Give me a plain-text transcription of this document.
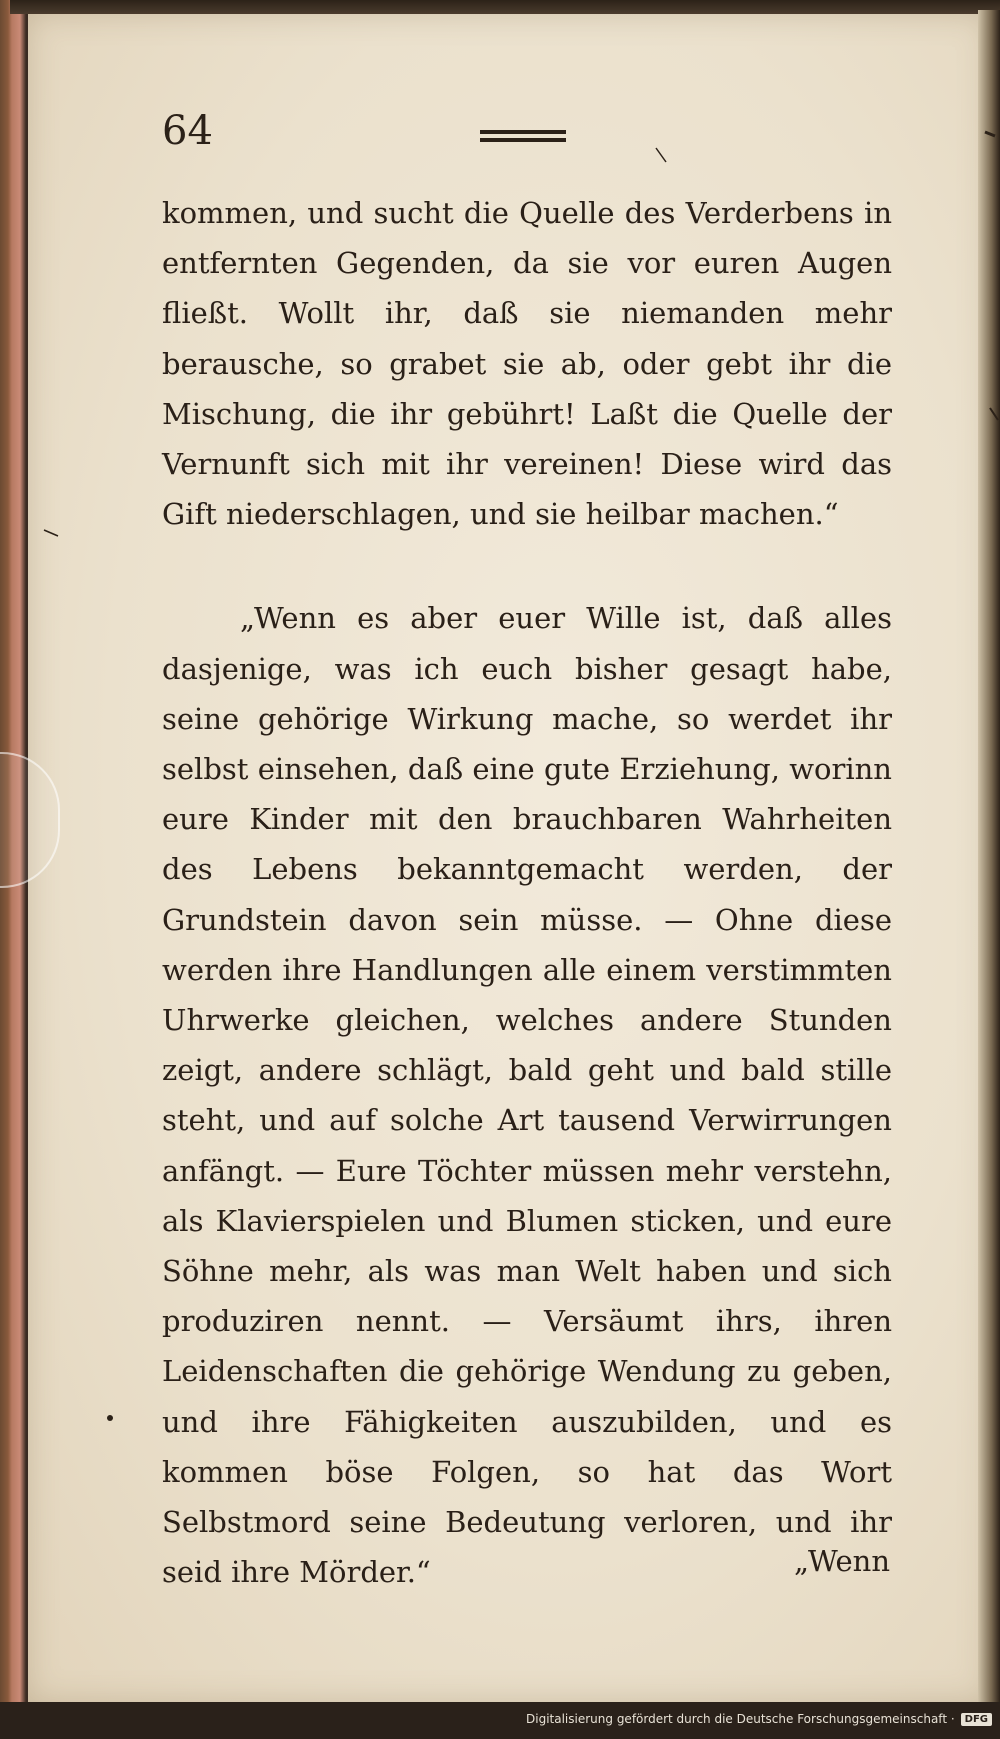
64

kommen, und sucht die Quelle des Verderbens in entfernten Gegenden, da sie vor euren Augen fließt. Wollt ihr, daß sie niemanden mehr berausche, so grabet sie ab, oder gebt ihr die Mischung, die ihr gebührt! Laßt die Quelle der Vernunft sich mit ihr vereinen! Diese wird das Gift niederschlagen, und sie heilbar machen.“

„Wenn es aber euer Wille ist, daß alles dasjenige, was ich euch bisher gesagt habe, seine gehörige Wirkung mache, so werdet ihr selbst einsehen, daß eine gute Erziehung, worinn eure Kinder mit den brauchbaren Wahrheiten des Lebens bekanntgemacht werden, der Grundstein davon sein müsse. — Ohne diese werden ihre Handlungen alle einem verstimmten Uhrwerke gleichen, welches andere Stunden zeigt, andere schlägt, bald geht und bald stille steht, und auf solche Art tausend Verwirrungen anfängt. — Eure Töchter müssen mehr verstehn, als Klavierspielen und Blumen sticken, und eure Söhne mehr, als was man Welt haben und sich produziren nennt. — Versäumt ihrs, ihren Leidenschaften die gehörige Wendung zu geben, und ihre Fähigkeiten auszubilden, und es kommen böse Folgen, so hat das Wort Selbstmord seine Bedeutung verloren, und ihr seid ihre Mörder.“	„Wenn
Digitalisierung gefördert durch die Deutsche Forschungsgemeinschaft ·	DFG
